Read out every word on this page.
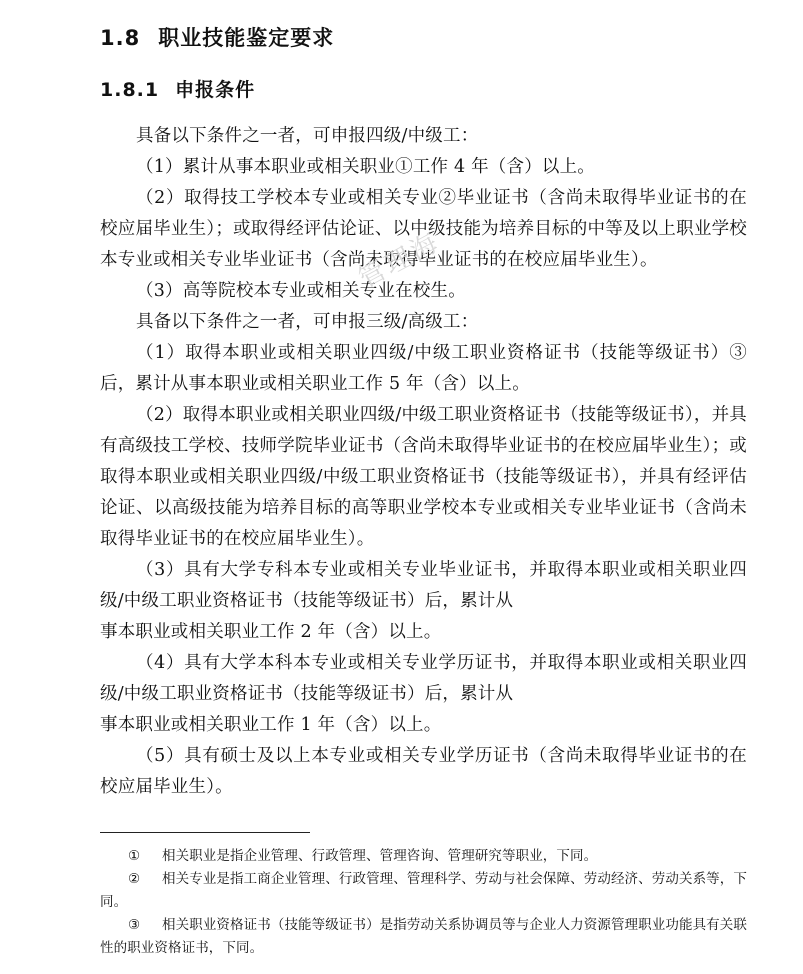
管理海
1.8 职业技能鉴定要求
1.8.1 申报条件

具备以下条件之一者，可申报四级/中级工：

（1）累计从事本职业或相关职业①工作 4 年（含）以上。

（2）取得技工学校本专业或相关专业②毕业证书（含尚未取得毕业证书的在校应届毕业生）；或取得经评估论证、以中级技能为培养目标的中等及以上职业学校本专业或相关专业毕业证书（含尚未取得毕业证书的在校应届毕业生）。

（3）高等院校本专业或相关专业在校生。

具备以下条件之一者，可申报三级/高级工：

（1）取得本职业或相关职业四级/中级工职业资格证书（技能等级证书）③ 后，累计从事本职业或相关职业工作 5 年（含）以上。

（2）取得本职业或相关职业四级/中级工职业资格证书（技能等级证书），并具有高级技工学校、技师学院毕业证书（含尚未取得毕业证书的在校应届毕业生）；或取得本职业或相关职业四级/中级工职业资格证书（技能等级证书），并具有经评估论证、以高级技能为培养目标的高等职业学校本专业或相关专业毕业证书（含尚未取得毕业证书的在校应届毕业生）。

（3）具有大学专科本专业或相关专业毕业证书，并取得本职业或相关职业四级/中级工职业资格证书（技能等级证书）后，累计从

事本职业或相关职业工作 2 年（含）以上。

（4）具有大学本科本专业或相关专业学历证书，并取得本职业或相关职业四级/中级工职业资格证书（技能等级证书）后，累计从

事本职业或相关职业工作 1 年（含）以上。

（5）具有硕士及以上本专业或相关专业学历证书（含尚未取得毕业证书的在校应届毕业生）。

① 相关职业是指企业管理、行政管理、管理咨询、管理研究等职业，下同。

② 相关专业是指工商企业管理、行政管理、管理科学、劳动与社会保障、劳动经济、劳动关系等，下同。

③ 相关职业资格证书（技能等级证书）是指劳动关系协调员等与企业人力资源管理职业功能具有关联性的职业资格证书，下同。
